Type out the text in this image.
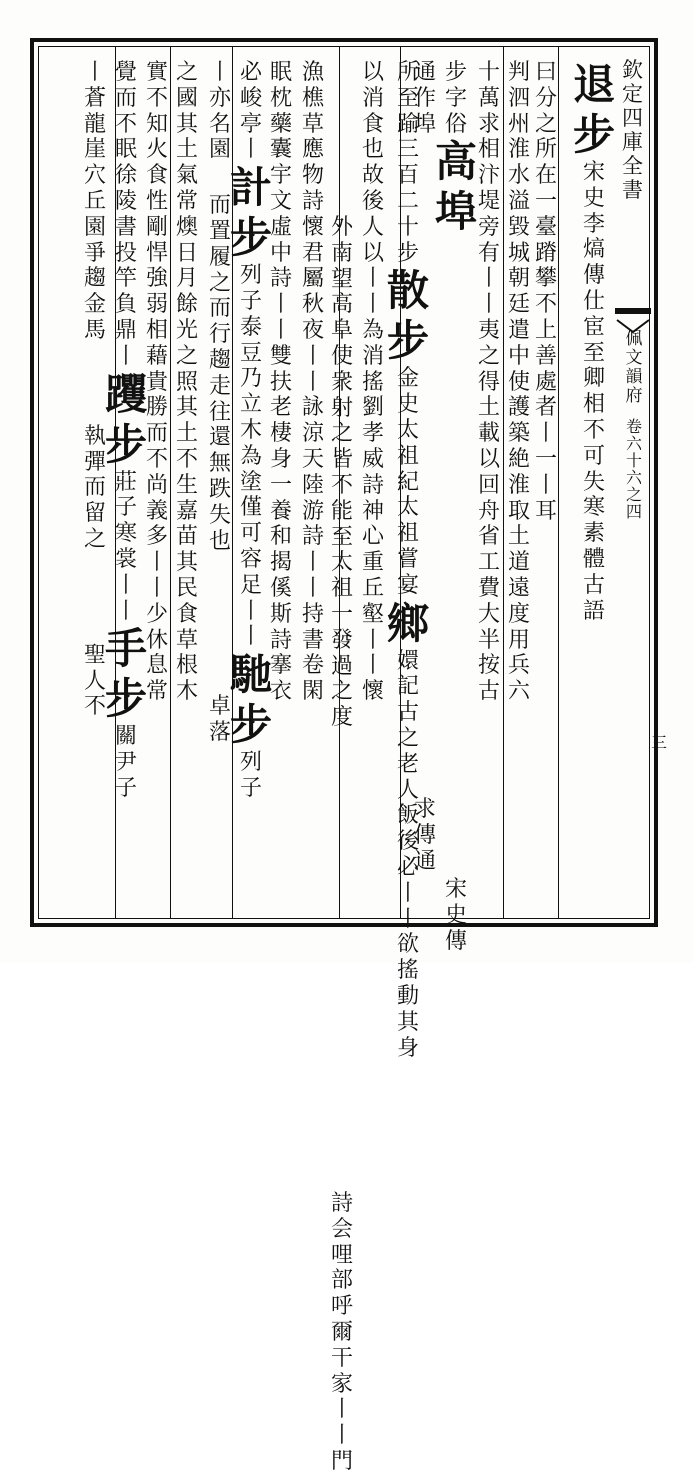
欽
定
四
庫
全
書
佩
文
韻
府
卷
六
十
六
之
四
三
退
步
宋
史
李
熇
傳
仕
宦
至
卿
相
不
可
失
寒
素
體
古
語
曰
分
之
所
在
一
臺
蹐
攀
不
上
善
處
者
丨
一
丨
耳
判
泗
州
淮
水
溢
毀
城
朝
廷
遣
中
使
護
築
絶
淮
取
土
道
遠
度
用
兵
六
十
萬
求
相
汴
堤
旁
有
丨
丨
夷
之
得
土
載
以
回
舟
省
工
費
大
半
按
古
步
字
俗
高
埠
宋
史
傳
通
作
埠
求
傳
通
所
至
踰
三
百
二
十
步
散
步
金
史
太
祖
紀
太
祖
嘗
宴
鄉
嬛
記
古
之
老
人
飯
後
必
丨
丨
欲
搖
動
其
身
以
消
食
也
故
後
人
以
丨
丨
為
消
搖
劉
孝
威
詩
神
心
重
丘
壑
丨
丨
懷
外
南
望
高
阜
使
衆
射
之
皆
不
能
至
太
祖
一
發
過
之
度
詩
会
哩
部
呼
爾
干
家
丨
丨
門
漁
樵
草
應
物
詩
懷
君
屬
秋
夜
丨
丨
詠
涼
天
陸
游
詩
丨
丨
持
書
卷
閑
眠
枕
藥
囊
宇
文
虛
中
詩
丨
丨
雙
扶
老
棲
身
一
養
和
揭
傒
斯
詩
搴
衣
必
峻
亭
丨
計
步
列
子
泰
豆
乃
立
木
為
塗
僅
可
容
足
丨
丨
馳
步
列
子
丨
亦
名
園
而
置
履
之
而
行
趨
走
往
還
無
跌
失
也
卓
落
之
國
其
土
氣
常
燠
日
月
餘
光
之
照
其
土
不
生
嘉
苗
其
民
食
草
根
木
實
不
知
火
食
性
剛
悍
強
弱
相
藉
貴
勝
而
不
尚
義
多
丨
丨
少
休
息
常
覺
而
不
眠
徐
陵
書
投
竿
負
鼎
丨
躩
步
莊
子
寒
裳
丨
丨
手
步
關
尹
子
丨
蒼
龍
崖
穴
丘
園
爭
趨
金
馬
執
彈
而
留
之
聖
人
不
